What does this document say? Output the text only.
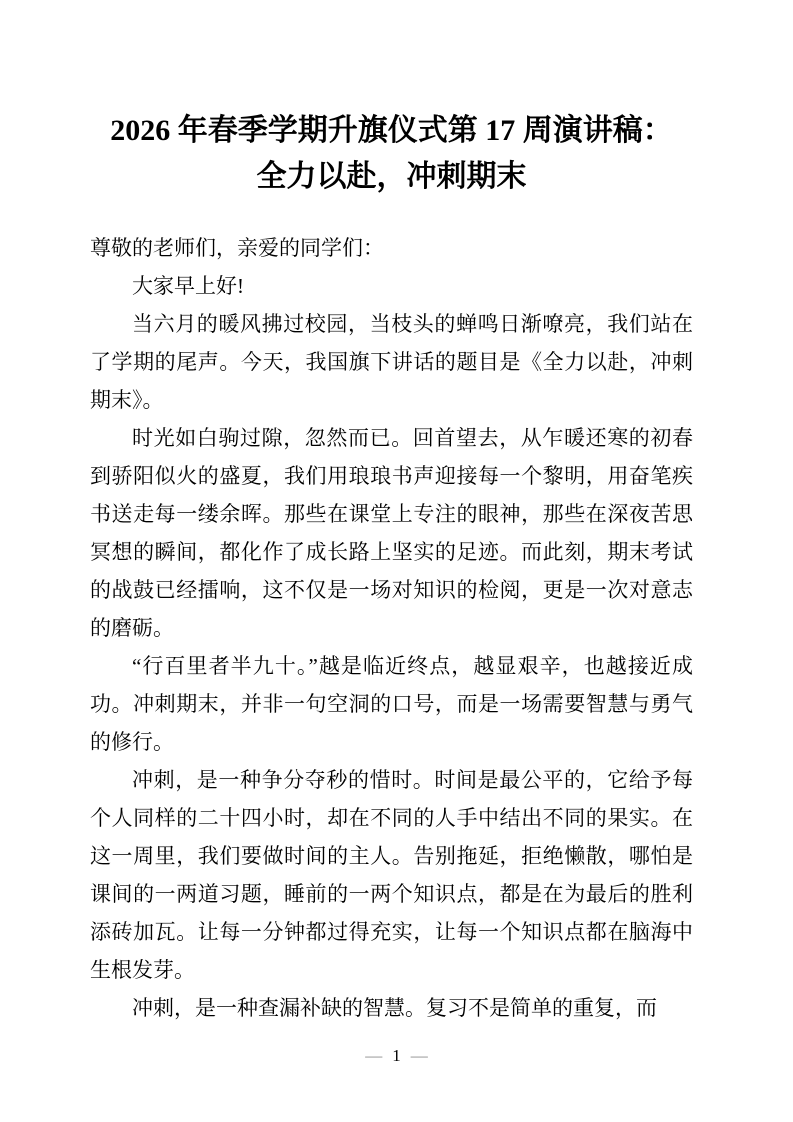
2026 年春季学期升旗仪式第 17 周演讲稿：
全力以赴，冲刺期末

尊敬的老师们，亲爱的同学们：

大家早上好!

当六月的暖风拂过校园，当枝头的蝉鸣日渐嘹亮，我们站在了学期的尾声。今天，我国旗下讲话的题目是《全力以赴，冲刺期末》。

时光如白驹过隙，忽然而已。回首望去，从乍暖还寒的初春到骄阳似火的盛夏，我们用琅琅书声迎接每一个黎明，用奋笔疾书送走每一缕余晖。那些在课堂上专注的眼神，那些在深夜苦思冥想的瞬间，都化作了成长路上坚实的足迹。而此刻，期末考试的战鼓已经擂响，这不仅是一场对知识的检阅，更是一次对意志的磨砺。

“行百里者半九十。”越是临近终点，越显艰辛，也越接近成功。冲刺期末，并非一句空洞的口号，而是一场需要智慧与勇气的修行。

冲刺，是一种争分夺秒的惜时。时间是最公平的，它给予每个人同样的二十四小时，却在不同的人手中结出不同的果实。在这一周里，我们要做时间的主人。告别拖延，拒绝懒散，哪怕是课间的一两道习题，睡前的一两个知识点，都是在为最后的胜利添砖加瓦。让每一分钟都过得充实，让每一个知识点都在脑海中生根发芽。

冲刺，是一种查漏补缺的智慧。复习不是简单的重复，而

— 1 —
